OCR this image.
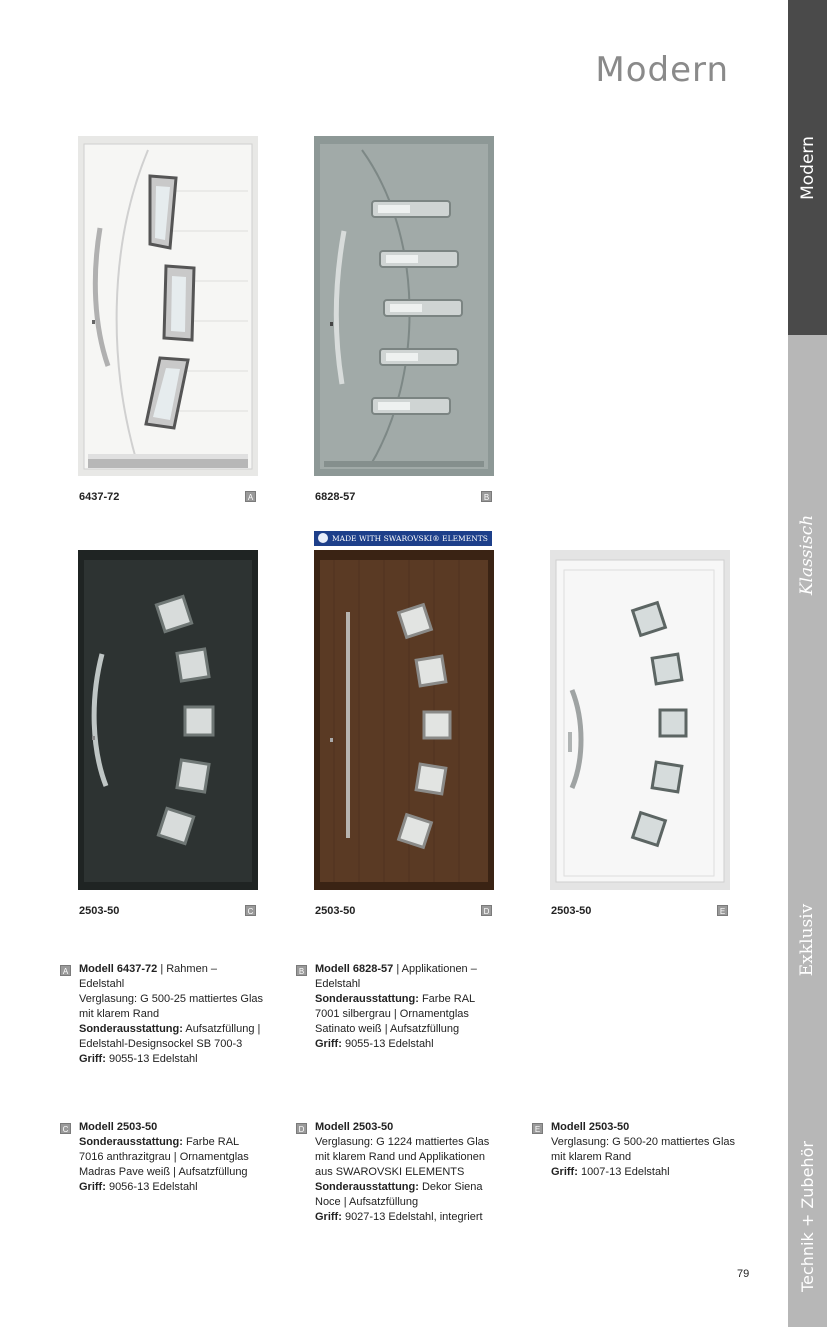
Modern
Modern
Klassisch
Exklusiv
Technik + Zubehör
6437-72	A	6828-57	B
MADE WITH SWAROVSKI® ELEMENTS
2503-50	C	2503-50	D	2503-50	E
A Modell 6437-72 | Rahmen – Edelstahl
Verglasung: G 500-25 mattiertes Glas mit klarem Rand
Sonderausstattung: Aufsatzfüllung | Edelstahl-Designsockel SB 700-3
Griff: 9055-13 Edelstahl
B Modell 6828-57 | Applikationen – Edelstahl
Sonderausstattung: Farbe RAL 7001 silbergrau | Ornamentglas Satinato weiß | Aufsatzfüllung
Griff: 9055-13 Edelstahl
C Modell 2503-50
Sonderausstattung: Farbe RAL 7016 anthrazitgrau | Ornamentglas Madras Pave weiß | Aufsatzfüllung
Griff: 9056-13 Edelstahl
D Modell 2503-50
Verglasung: G 1224 mattiertes Glas mit klarem Rand und Applikationen aus SWAROVSKI ELEMENTS
Sonderausstattung: Dekor Siena Noce | Aufsatzfüllung
Griff: 9027-13 Edelstahl, integriert
E Modell 2503-50
Verglasung: G 500-20 mattiertes Glas mit klarem Rand
Griff: 1007-13 Edelstahl
79
